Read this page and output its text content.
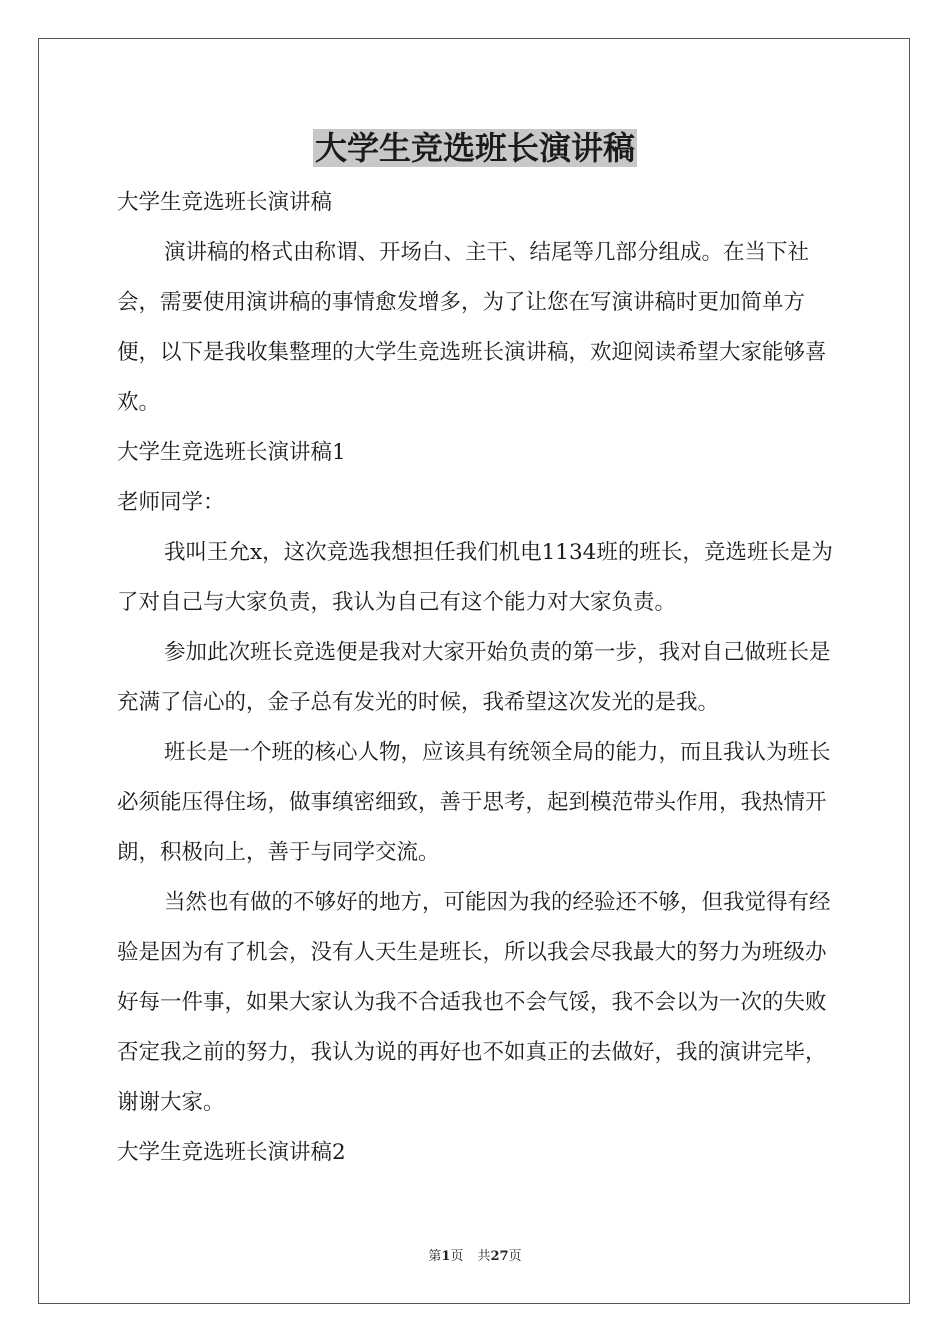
大学生竞选班长演讲稿

大学生竞选班长演讲稿

演讲稿的格式由称谓、开场白、主干、结尾等几部分组成。在当下社会，需要使用演讲稿的事情愈发增多，为了让您在写演讲稿时更加简单方便，以下是我收集整理的大学生竞选班长演讲稿，欢迎阅读希望大家能够喜欢。

大学生竞选班长演讲稿1

老师同学：

我叫王允x，这次竞选我想担任我们机电1134班的班长，竞选班长是为了对自己与大家负责，我认为自己有这个能力对大家负责。

参加此次班长竞选便是我对大家开始负责的第一步，我对自己做班长是充满了信心的，金子总有发光的时候，我希望这次发光的是我。

班长是一个班的核心人物，应该具有统领全局的能力，而且我认为班长必须能压得住场，做事缜密细致，善于思考，起到模范带头作用，我热情开朗，积极向上，善于与同学交流。

当然也有做的不够好的地方，可能因为我的经验还不够，但我觉得有经验是因为有了机会，没有人天生是班长，所以我会尽我最大的努力为班级办好每一件事，如果大家认为我不合适我也不会气馁，我不会以为一次的失败否定我之前的努力，我认为说的再好也不如真正的去做好，我的演讲完毕，谢谢大家。

大学生竞选班长演讲稿2

第1页 共27页
